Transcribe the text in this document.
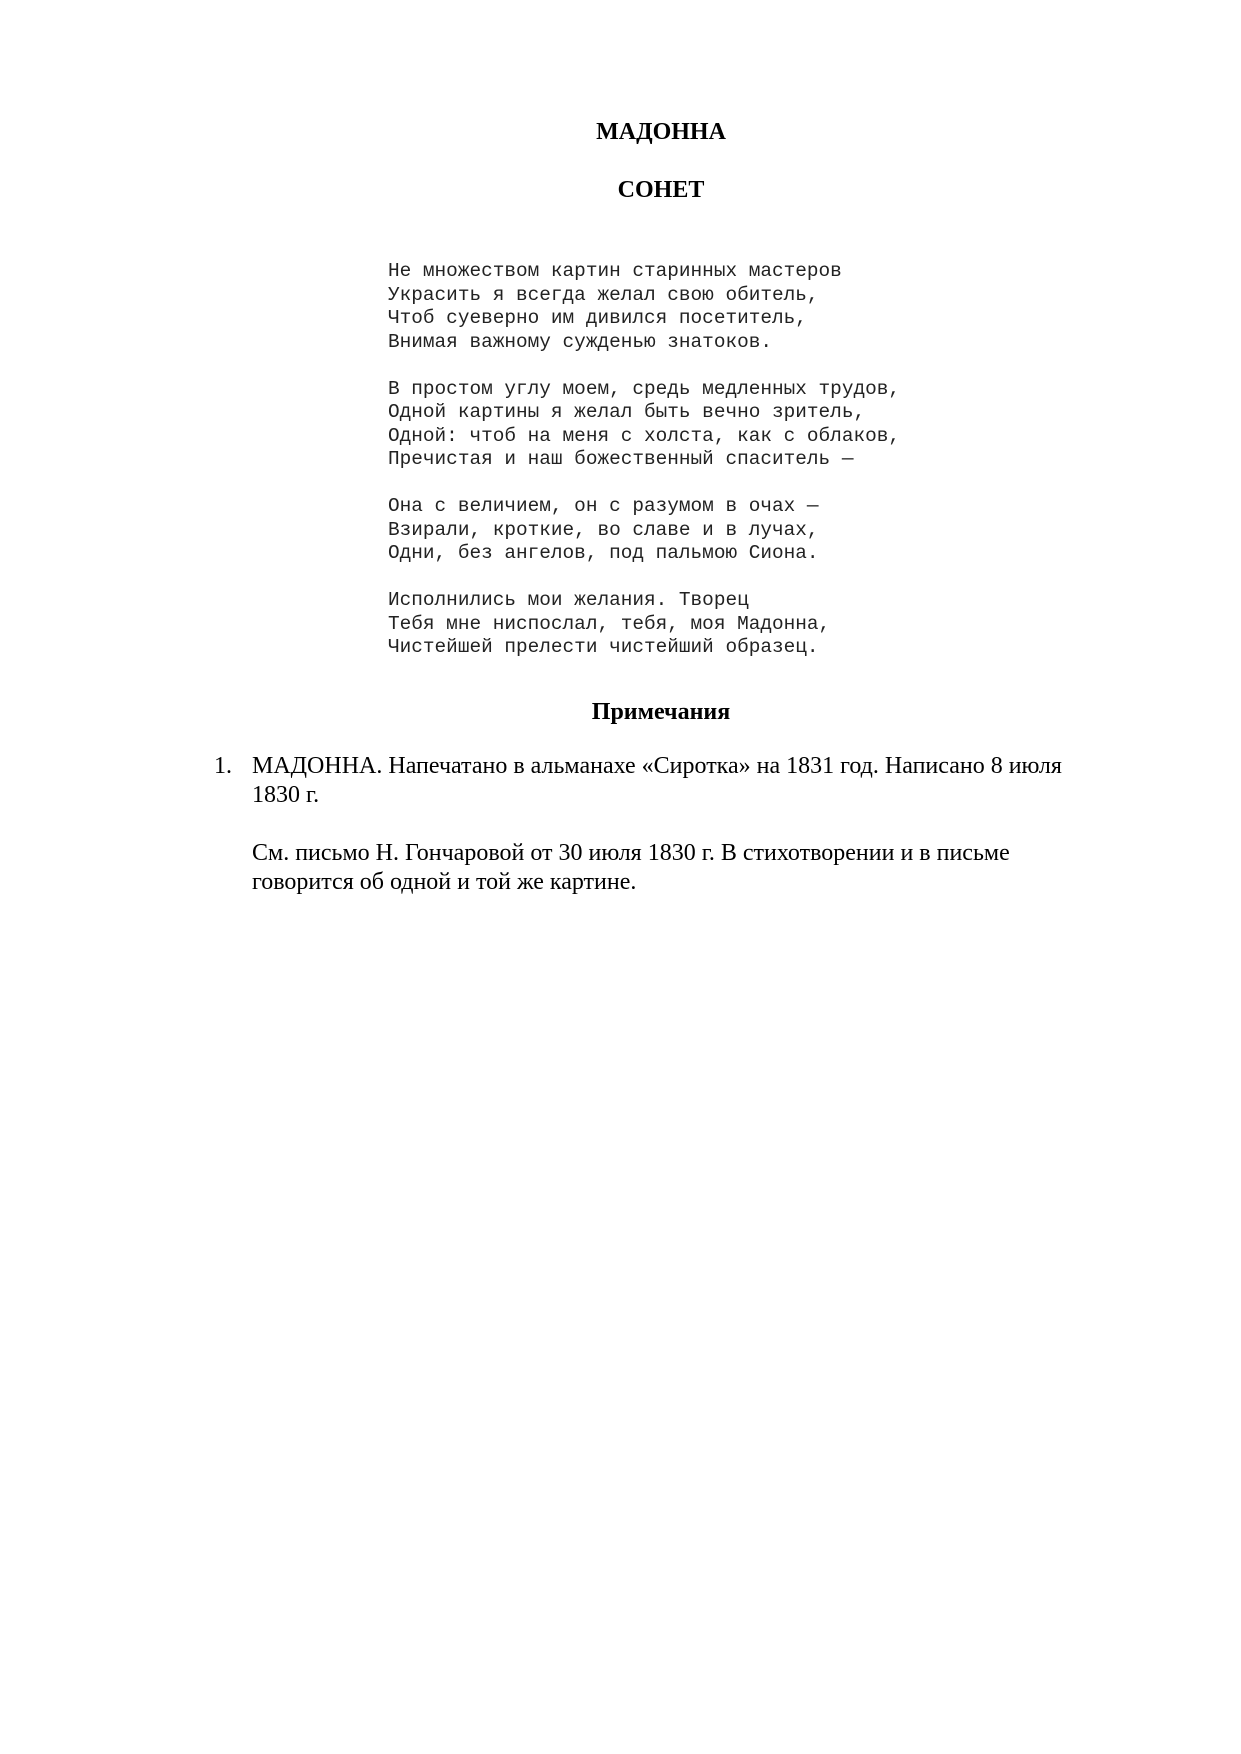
МАДОННА
СОНЕТ
Не множеством картин старинных мастеров
Украсить я всегда желал свою обитель,
Чтоб суеверно им дивился посетитель,
Внимая важному сужденью знатоков.
В простом углу моем, средь медленных трудов,
Одной картины я желал быть вечно зритель,
Одной: чтоб на меня с холста, как с облаков,
Пречистая и наш божественный спаситель —
Она с величием, он с разумом в очах —
Взирали, кроткие, во славе и в лучах,
Одни, без ангелов, под пальмою Сиона.
Исполнились мои желания. Творец
Тебя мне ниспослал, тебя, моя Мадонна,
Чистейшей прелести чистейший образец.
Примечания
1. МАДОННА. Напечатано в альманахе «Сиротка» на 1831 год. Написано 8 июля 1830 г.

См. письмо Н. Гончаровой от 30 июля 1830 г. В стихотворении и в письме говорится об одной и той же картине.
